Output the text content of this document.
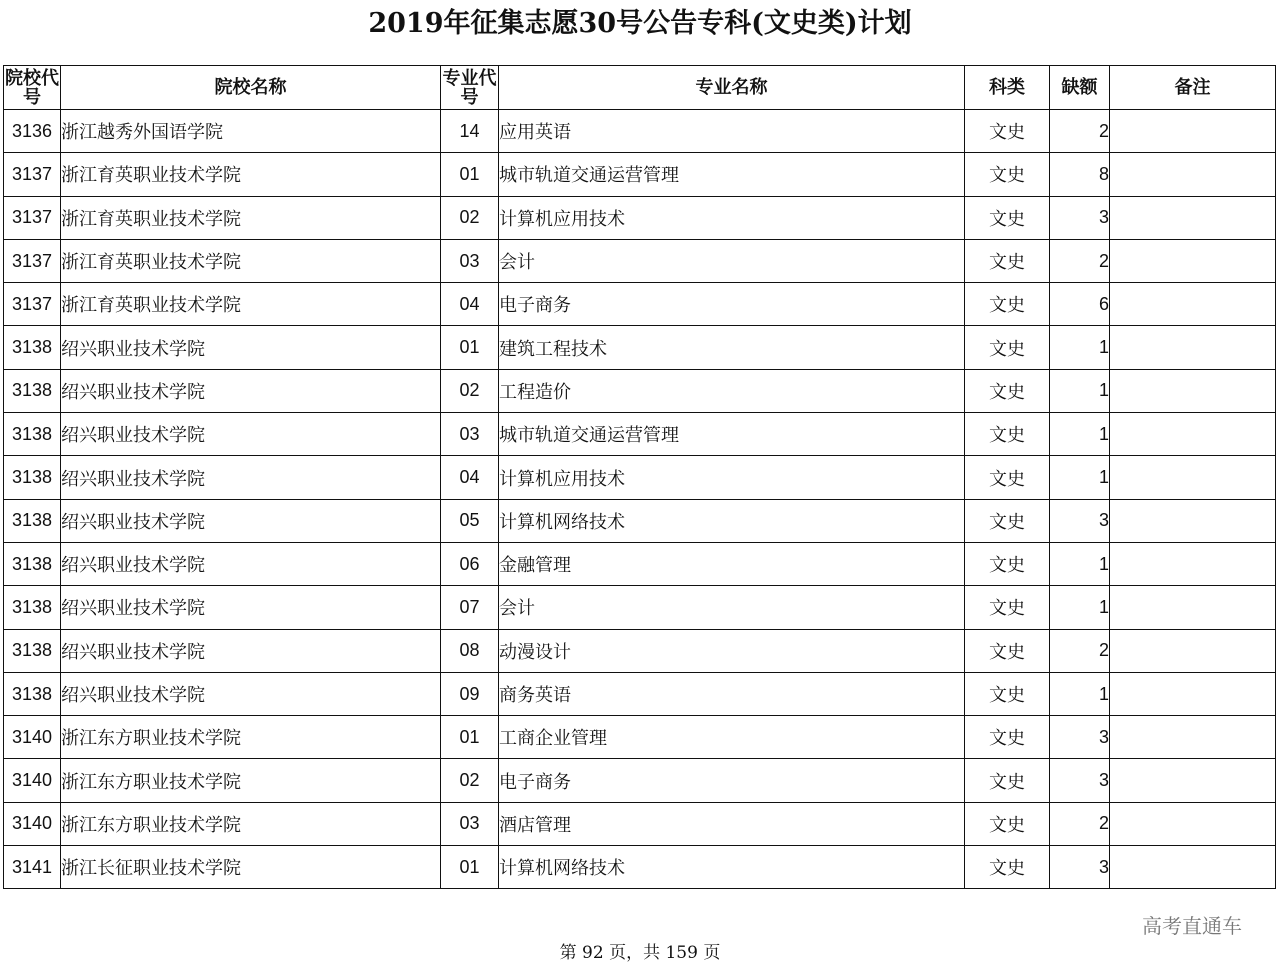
2019年征集志愿30号公告专科(文史类)计划
院校代号	院校名称	专业代号	专业名称	科类	缺额	备注
3136	浙江越秀外国语学院	14	应用英语	文史	2	
3137	浙江育英职业技术学院	01	城市轨道交通运营管理	文史	8	
3137	浙江育英职业技术学院	02	计算机应用技术	文史	3	
3137	浙江育英职业技术学院	03	会计	文史	2	
3137	浙江育英职业技术学院	04	电子商务	文史	6	
3138	绍兴职业技术学院	01	建筑工程技术	文史	1	
3138	绍兴职业技术学院	02	工程造价	文史	1	
3138	绍兴职业技术学院	03	城市轨道交通运营管理	文史	1	
3138	绍兴职业技术学院	04	计算机应用技术	文史	1	
3138	绍兴职业技术学院	05	计算机网络技术	文史	3	
3138	绍兴职业技术学院	06	金融管理	文史	1	
3138	绍兴职业技术学院	07	会计	文史	1	
3138	绍兴职业技术学院	08	动漫设计	文史	2	
3138	绍兴职业技术学院	09	商务英语	文史	1	
3140	浙江东方职业技术学院	01	工商企业管理	文史	3	
3140	浙江东方职业技术学院	02	电子商务	文史	3	
3140	浙江东方职业技术学院	03	酒店管理	文史	2	
3141	浙江长征职业技术学院	01	计算机网络技术	文史	3	
高考直通车
第 92 页，共 159 页
